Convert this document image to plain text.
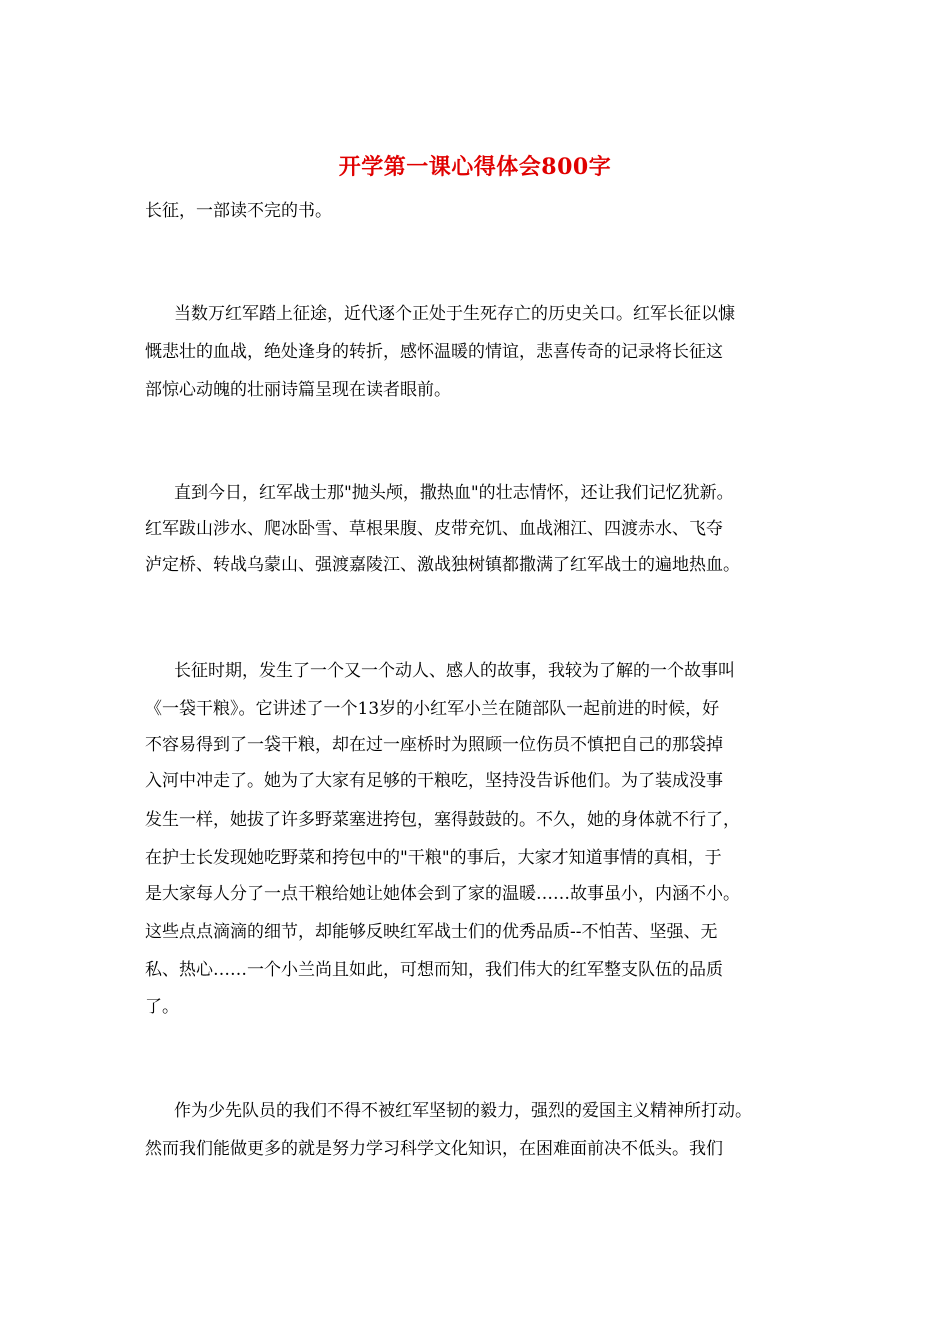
开学第一课心得体会800字

长征，一部读不完的书。

当数万红军踏上征途，近代逐个正处于生死存亡的历史关口。红军长征以慷

慨悲壮的血战，绝处逢身的转折，感怀温暖的情谊，悲喜传奇的记录将长征这

部惊心动魄的壮丽诗篇呈现在读者眼前。

直到今日，红军战士那"抛头颅，撒热血"的壮志情怀，还让我们记忆犹新。

红军跋山涉水、爬冰卧雪、草根果腹、皮带充饥、血战湘江、四渡赤水、飞夺

泸定桥、转战乌蒙山、强渡嘉陵江、激战独树镇都撒满了红军战士的遍地热血。

长征时期，发生了一个又一个动人、感人的故事，我较为了解的一个故事叫

《一袋干粮》。它讲述了一个13岁的小红军小兰在随部队一起前进的时候，好

不容易得到了一袋干粮，却在过一座桥时为照顾一位伤员不慎把自己的那袋掉

入河中冲走了。她为了大家有足够的干粮吃，坚持没告诉他们。为了装成没事

发生一样，她拔了许多野菜塞进挎包，塞得鼓鼓的。不久，她的身体就不行了，

在护士长发现她吃野菜和挎包中的"干粮"的事后，大家才知道事情的真相，于

是大家每人分了一点干粮给她让她体会到了家的温暖……故事虽小，内涵不小。

这些点点滴滴的细节，却能够反映红军战士们的优秀品质--不怕苦、坚强、无

私、热心……一个小兰尚且如此，可想而知，我们伟大的红军整支队伍的品质

了。

作为少先队员的我们不得不被红军坚韧的毅力，强烈的爱国主义精神所打动。

然而我们能做更多的就是努力学习科学文化知识，在困难面前决不低头。我们
